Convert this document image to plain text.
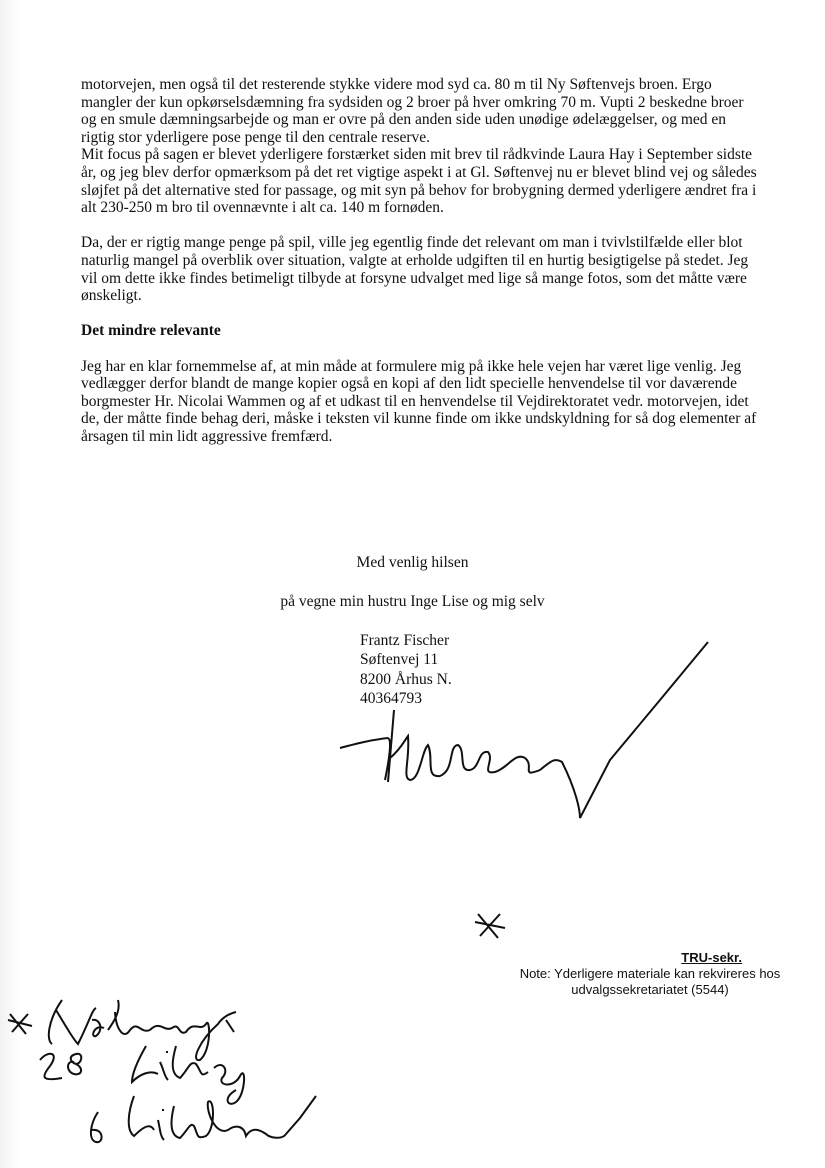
motorvejen, men også til det resterende stykke videre mod syd ca. 80 m til Ny Søftenvejs broen. Ergo mangler der kun opkørselsdæmning fra sydsiden og 2 broer på hver omkring 70 m. Vupti 2 beskedne broer og en smule dæmningsarbejde og man er ovre på den anden side uden unødige ødelæggelser, og med en rigtig stor yderligere pose penge til den centrale reserve.

Mit focus på sagen er blevet yderligere forstærket siden mit brev til rådkvinde Laura Hay i September sidste år, og jeg blev derfor opmærksom på det ret vigtige aspekt i at Gl. Søftenvej nu er blevet blind vej og således sløjfet på det alternative sted for passage, og mit syn på behov for brobygning dermed yderligere ændret fra i alt 230-250 m bro til ovennævnte i alt ca. 140 m fornøden.

Da, der er rigtig mange penge på spil, ville jeg egentlig finde det relevant om man i tvivlstilfælde eller blot naturlig mangel på overblik over situation, valgte at erholde udgiften til en hurtig besigtigelse på stedet. Jeg vil om dette ikke findes betimeligt tilbyde at forsyne udvalget med lige så mange fotos, som det måtte være ønskeligt.

Det mindre relevante

Jeg har en klar fornemmelse af, at min måde at formulere mig på ikke hele vejen har været lige venlig. Jeg vedlægger derfor blandt de mange kopier også en kopi af den lidt specielle henvendelse til vor daværende borgmester Hr. Nicolai Wammen og af et udkast til en henvendelse til Vejdirektoratet vedr. motorvejen, idet de, der måtte finde behag deri, måske i teksten vil kunne finde om ikke undskyldning for så dog elementer af årsagen til min lidt aggressive fremfærd.

Med venlig hilsen
på vegne min hustru Inge Lise og mig selv
Frantz Fischer
Søftenvej 11
8200 Århus N.
40364793
TRU-sekr.
Note: Yderligere materiale kan rekvireres hos
udvalgssekretariatet (5544)
